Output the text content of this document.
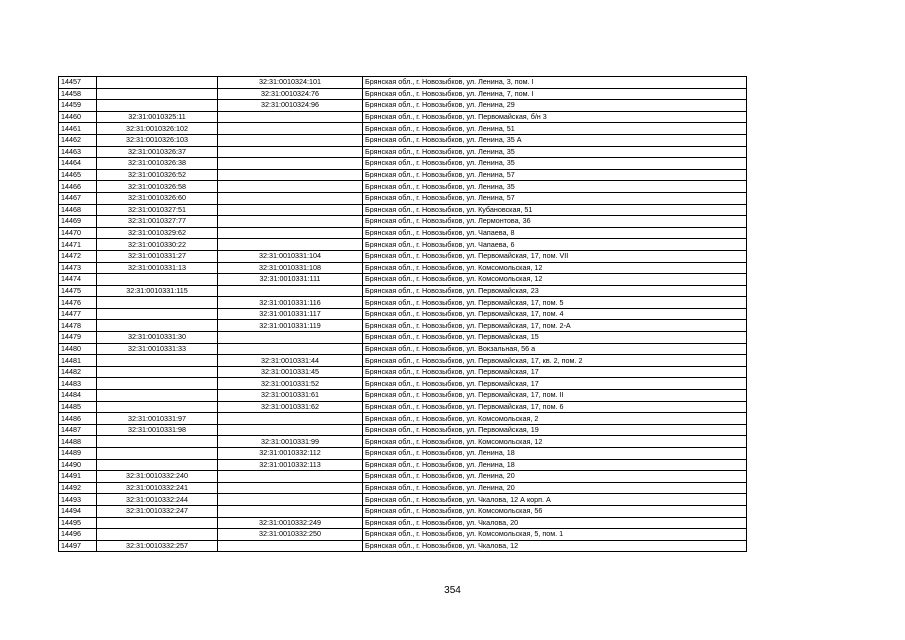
14457		32:31:0010324:101	Брянская обл., г. Новозыбков, ул. Ленина, 3, пом. I
14458		32:31:0010324:76	Брянская обл., г. Новозыбков, ул. Ленина, 7, пом. I
14459		32:31:0010324:96	Брянская обл., г. Новозыбков, ул. Ленина, 29
14460	32:31:0010325:11		Брянская обл., г. Новозыбков, ул. Первомайская, б/н 3
14461	32:31:0010326:102		Брянская обл., г. Новозыбков, ул. Ленина, 51
14462	32:31:0010326:103		Брянская обл., г. Новозыбков, ул. Ленина, 35 А
14463	32:31:0010326:37		Брянская обл., г. Новозыбков, ул. Ленина, 35
14464	32:31:0010326:38		Брянская обл., г. Новозыбков, ул. Ленина, 35
14465	32:31:0010326:52		Брянская обл., г. Новозыбков, ул. Ленина, 57
14466	32:31:0010326:58		Брянская обл., г. Новозыбков, ул. Ленина, 35
14467	32:31:0010326:60		Брянская обл., г. Новозыбков, ул. Ленина, 57
14468	32:31:0010327:51		Брянская обл., г. Новозыбков, ул. Кубановская, 51
14469	32:31:0010327:77		Брянская обл., г. Новозыбков, ул. Лермонтова, 36
14470	32:31:0010329:62		Брянская обл., г. Новозыбков, ул. Чапаева, 8
14471	32:31:0010330:22		Брянская обл., г. Новозыбков, ул. Чапаева, 6
14472	32:31:0010331:27	32:31:0010331:104	Брянская обл., г. Новозыбков, ул. Первомайская, 17, пом. VII
14473	32:31:0010331:13	32:31:0010331:108	Брянская обл., г. Новозыбков, ул. Комсомольская, 12
14474		32:31:0010331:111	Брянская обл., г. Новозыбков, ул. Комсомольская, 12
14475	32:31:0010331:115		Брянская обл., г. Новозыбков, ул. Первомайская, 23
14476		32:31:0010331:116	Брянская обл., г. Новозыбков, ул. Первомайская, 17, пом. 5
14477		32:31:0010331:117	Брянская обл., г. Новозыбков, ул. Первомайская, 17, пом. 4
14478		32:31:0010331:119	Брянская обл., г. Новозыбков, ул. Первомайская, 17, пом. 2-А
14479	32:31:0010331:30		Брянская обл., г. Новозыбков, ул. Первомайская, 15
14480	32:31:0010331:33		Брянская обл., г. Новозыбков, ул. Вокзальная, 56 а
14481		32:31:0010331:44	Брянская обл., г. Новозыбков, ул. Первомайская, 17, кв. 2, пом. 2
14482		32:31:0010331:45	Брянская обл., г. Новозыбков, ул. Первомайская, 17
14483		32:31:0010331:52	Брянская обл., г. Новозыбков, ул. Первомайская, 17
14484		32:31:0010331:61	Брянская обл., г. Новозыбков, ул. Первомайская, 17, пом. II
14485		32:31:0010331:62	Брянская обл., г. Новозыбков, ул. Первомайская, 17, пом. 6
14486	32:31:0010331:97		Брянская обл., г. Новозыбков, ул. Комсомольская, 2
14487	32:31:0010331:98		Брянская обл., г. Новозыбков, ул. Первомайская, 19
14488		32:31:0010331:99	Брянская обл., г. Новозыбков, ул. Комсомольская, 12
14489		32:31:0010332:112	Брянская обл., г. Новозыбков, ул. Ленина, 18
14490		32:31:0010332:113	Брянская обл., г. Новозыбков, ул. Ленина, 18
14491	32:31:0010332:240		Брянская обл., г. Новозыбков, ул. Ленина, 20
14492	32:31:0010332:241		Брянская обл., г. Новозыбков, ул. Ленина, 20
14493	32:31:0010332:244		Брянская обл., г. Новозыбков, ул. Чкалова, 12 А корп. А
14494	32:31:0010332:247		Брянская обл., г. Новозыбков, ул. Комсомольская, 56
14495		32:31:0010332:249	Брянская обл., г. Новозыбков, ул. Чкалова, 20
14496		32:31:0010332:250	Брянская обл., г. Новозыбков, ул. Комсомольская, 5, пом. 1
14497	32:31:0010332:257		Брянская обл., г. Новозыбков, ул. Чкалова, 12
354
